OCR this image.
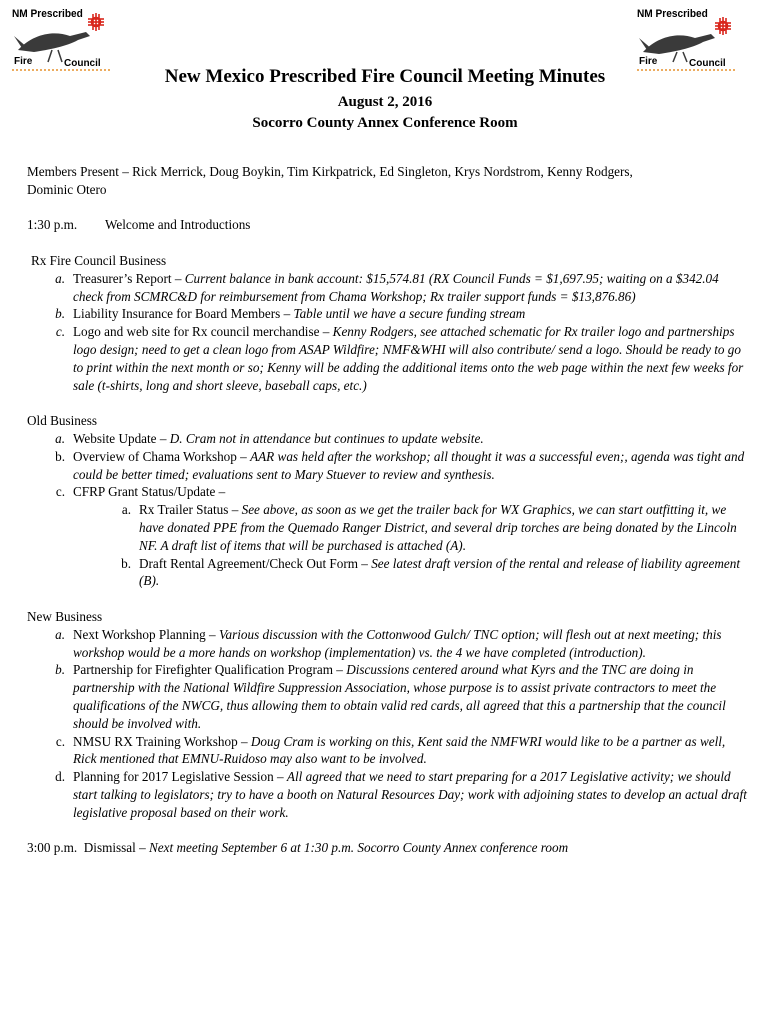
NM Prescribed
Fire	Council
NM Prescribed
Fire	Council
New Mexico Prescribed Fire Council Meeting Minutes
August 2, 2016
Socorro County Annex Conference Room

Members Present – Rick Merrick, Doug Boykin, Tim Kirkpatrick, Ed Singleton, Krys Nordstrom, Kenny Rodgers,

Dominic Otero

1:30 p.m.	Welcome and Introductions

Rx Fire Council Business

a. Treasurer’s Report – Current balance in bank account: $15,574.81 (RX Council Funds = $1,697.95; waiting on a $342.04 check from SCMRC&D for reimbursement from Chama Workshop; Rx trailer support funds = $13,876.86)
b. Liability Insurance for Board Members – Table until we have a secure funding stream
c. Logo and web site for Rx council merchandise – Kenny Rodgers, see attached schematic for Rx trailer logo and partnerships logo design; need to get a clean logo from ASAP Wildfire; NMF&WHI will also contribute/ send a logo. Should be ready to go to print within the next month or so; Kenny will be adding the additional items onto the web page within the next few weeks for sale (t-shirts, long and short sleeve, baseball caps, etc.)

Old Business

a. Website Update – D. Cram not in attendance but continues to update website.
b. Overview of Chama Workshop – AAR was held after the workshop; all thought it was a successful even;, agenda was tight and could be better timed; evaluations sent to Mary Stuever to review and synthesis.
c. CFRP Grant Status/Update –
a. Rx Trailer Status – See above, as soon as we get the trailer back for WX Graphics, we can start outfitting it, we have donated PPE from the Quemado Ranger District, and several drip torches are being donated by the Lincoln NF. A draft list of items that will be purchased is attached (A).
b. Draft Rental Agreement/Check Out Form – See latest draft version of the rental and release of liability agreement (B).

New Business

a. Next Workshop Planning – Various discussion with the Cottonwood Gulch/ TNC option; will flesh out at next meeting; this workshop would be a more hands on workshop (implementation) vs. the 4 we have completed (introduction).
b. Partnership for Firefighter Qualification Program – Discussions centered around what Kyrs and the TNC are doing in partnership with the National Wildfire Suppression Association, whose purpose is to assist private contractors to meet the qualifications of the NWCG, thus allowing them to obtain valid red cards, all agreed that this a partnership that the council should be involved with.
c. NMSU RX Training Workshop – Doug Cram is working on this, Kent said the NMFWRI would like to be a partner as well, Rick mentioned that EMNU-Ruidoso may also want to be involved.
d. Planning for 2017 Legislative Session – All agreed that we need to start preparing for a 2017 Legislative activity; we should start talking to legislators; try to have a booth on Natural Resources Day; work with adjoining states to develop an actual draft legislative proposal based on their work.

3:00 p.m. Dismissal – Next meeting September 6 at 1:30 p.m. Socorro County Annex conference room
